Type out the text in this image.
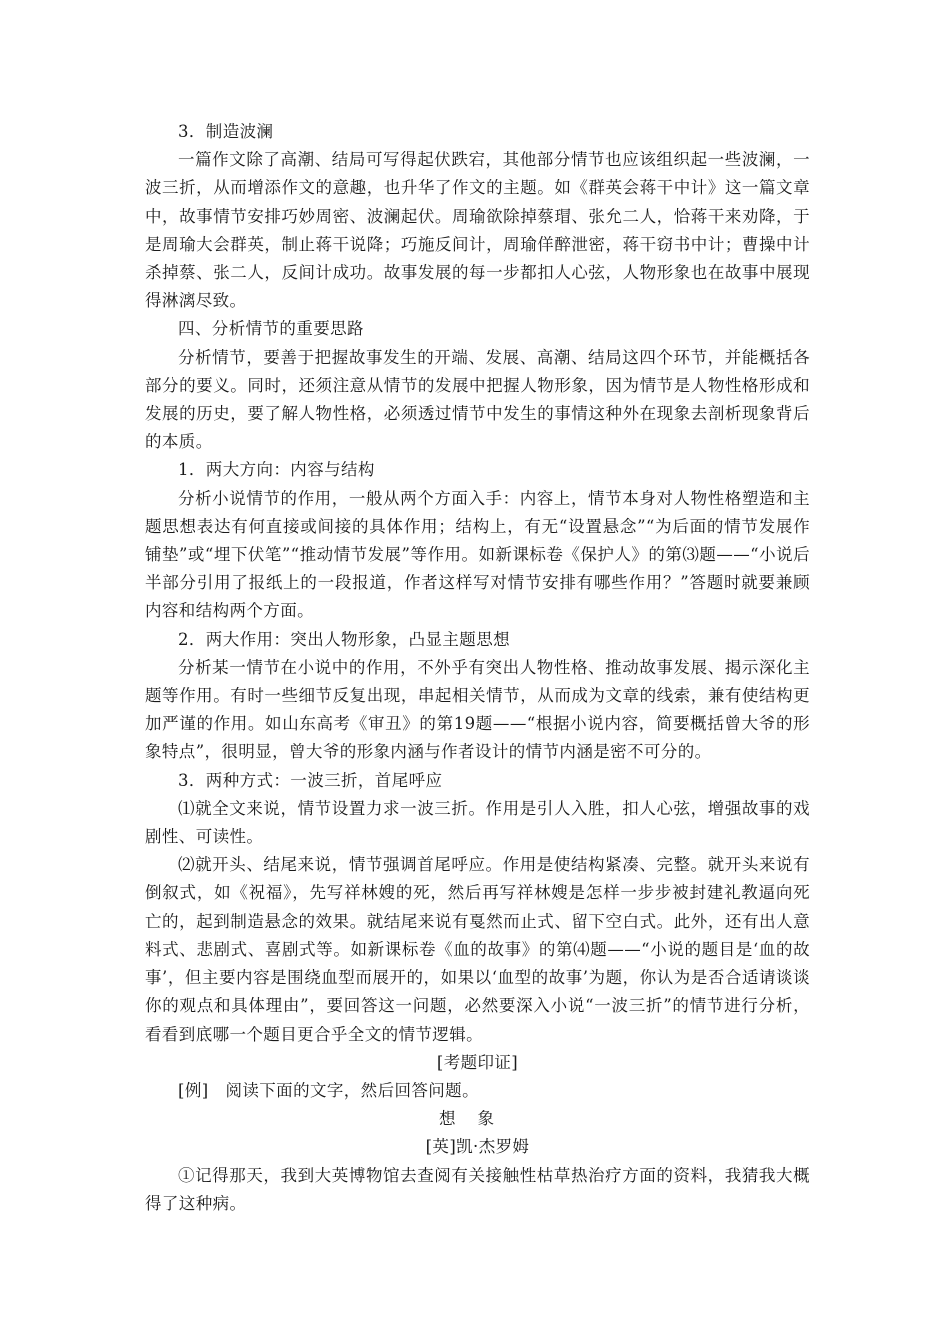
3．制造波澜

一篇作文除了高潮、结局可写得起伏跌宕，其他部分情节也应该组织起一些波澜，一波三折，从而增添作文的意趣，也升华了作文的主题。如《群英会蒋干中计》这一篇文章中，故事情节安排巧妙周密、波澜起伏。周瑜欲除掉蔡瑁、张允二人，恰蒋干来劝降，于是周瑜大会群英，制止蒋干说降；巧施反间计，周瑜佯醉泄密，蒋干窃书中计；曹操中计杀掉蔡、张二人，反间计成功。故事发展的每一步都扣人心弦，人物形象也在故事中展现得淋漓尽致。

四、分析情节的重要思路

分析情节，要善于把握故事发生的开端、发展、高潮、结局这四个环节，并能概括各部分的要义。同时，还须注意从情节的发展中把握人物形象，因为情节是人物性格形成和发展的历史，要了解人物性格，必须透过情节中发生的事情这种外在现象去剖析现象背后的本质。

1．两大方向：内容与结构

分析小说情节的作用，一般从两个方面入手：内容上，情节本身对人物性格塑造和主题思想表达有何直接或间接的具体作用；结构上，有无“设置悬念”“为后面的情节发展作铺垫”或“埋下伏笔”“推动情节发展”等作用。如新课标卷《保护人》的第⑶题——“小说后半部分引用了报纸上的一段报道，作者这样写对情节安排有哪些作用？”答题时就要兼顾内容和结构两个方面。

2．两大作用：突出人物形象，凸显主题思想

分析某一情节在小说中的作用，不外乎有突出人物性格、推动故事发展、揭示深化主题等作用。有时一些细节反复出现，串起相关情节，从而成为文章的线索，兼有使结构更加严谨的作用。如山东高考《审丑》的第19题——“根据小说内容，简要概括曾大爷的形象特点”，很明显，曾大爷的形象内涵与作者设计的情节内涵是密不可分的。

3．两种方式：一波三折，首尾呼应

⑴就全文来说，情节设置力求一波三折。作用是引人入胜，扣人心弦，增强故事的戏剧性、可读性。

⑵就开头、结尾来说，情节强调首尾呼应。作用是使结构紧凑、完整。就开头来说有倒叙式，如《祝福》，先写祥林嫂的死，然后再写祥林嫂是怎样一步步被封建礼教逼向死亡的，起到制造悬念的效果。就结尾来说有戛然而止式、留下空白式。此外，还有出人意料式、悲剧式、喜剧式等。如新课标卷《血的故事》的第⑷题——“小说的题目是‘血的故事’，但主要内容是围绕血型而展开的，如果以‘血型的故事’为题，你认为是否合适请谈谈你的观点和具体理由”，要回答这一问题，必然要深入小说“一波三折”的情节进行分析，看看到底哪一个题目更合乎全文的情节逻辑。

[考题印证]

[例]　阅读下面的文字，然后回答问题。

想象

[英]凯·杰罗姆

①记得那天，我到大英博物馆去查阅有关接触性枯草热治疗方面的资料，我猜我大概得了这种病。
